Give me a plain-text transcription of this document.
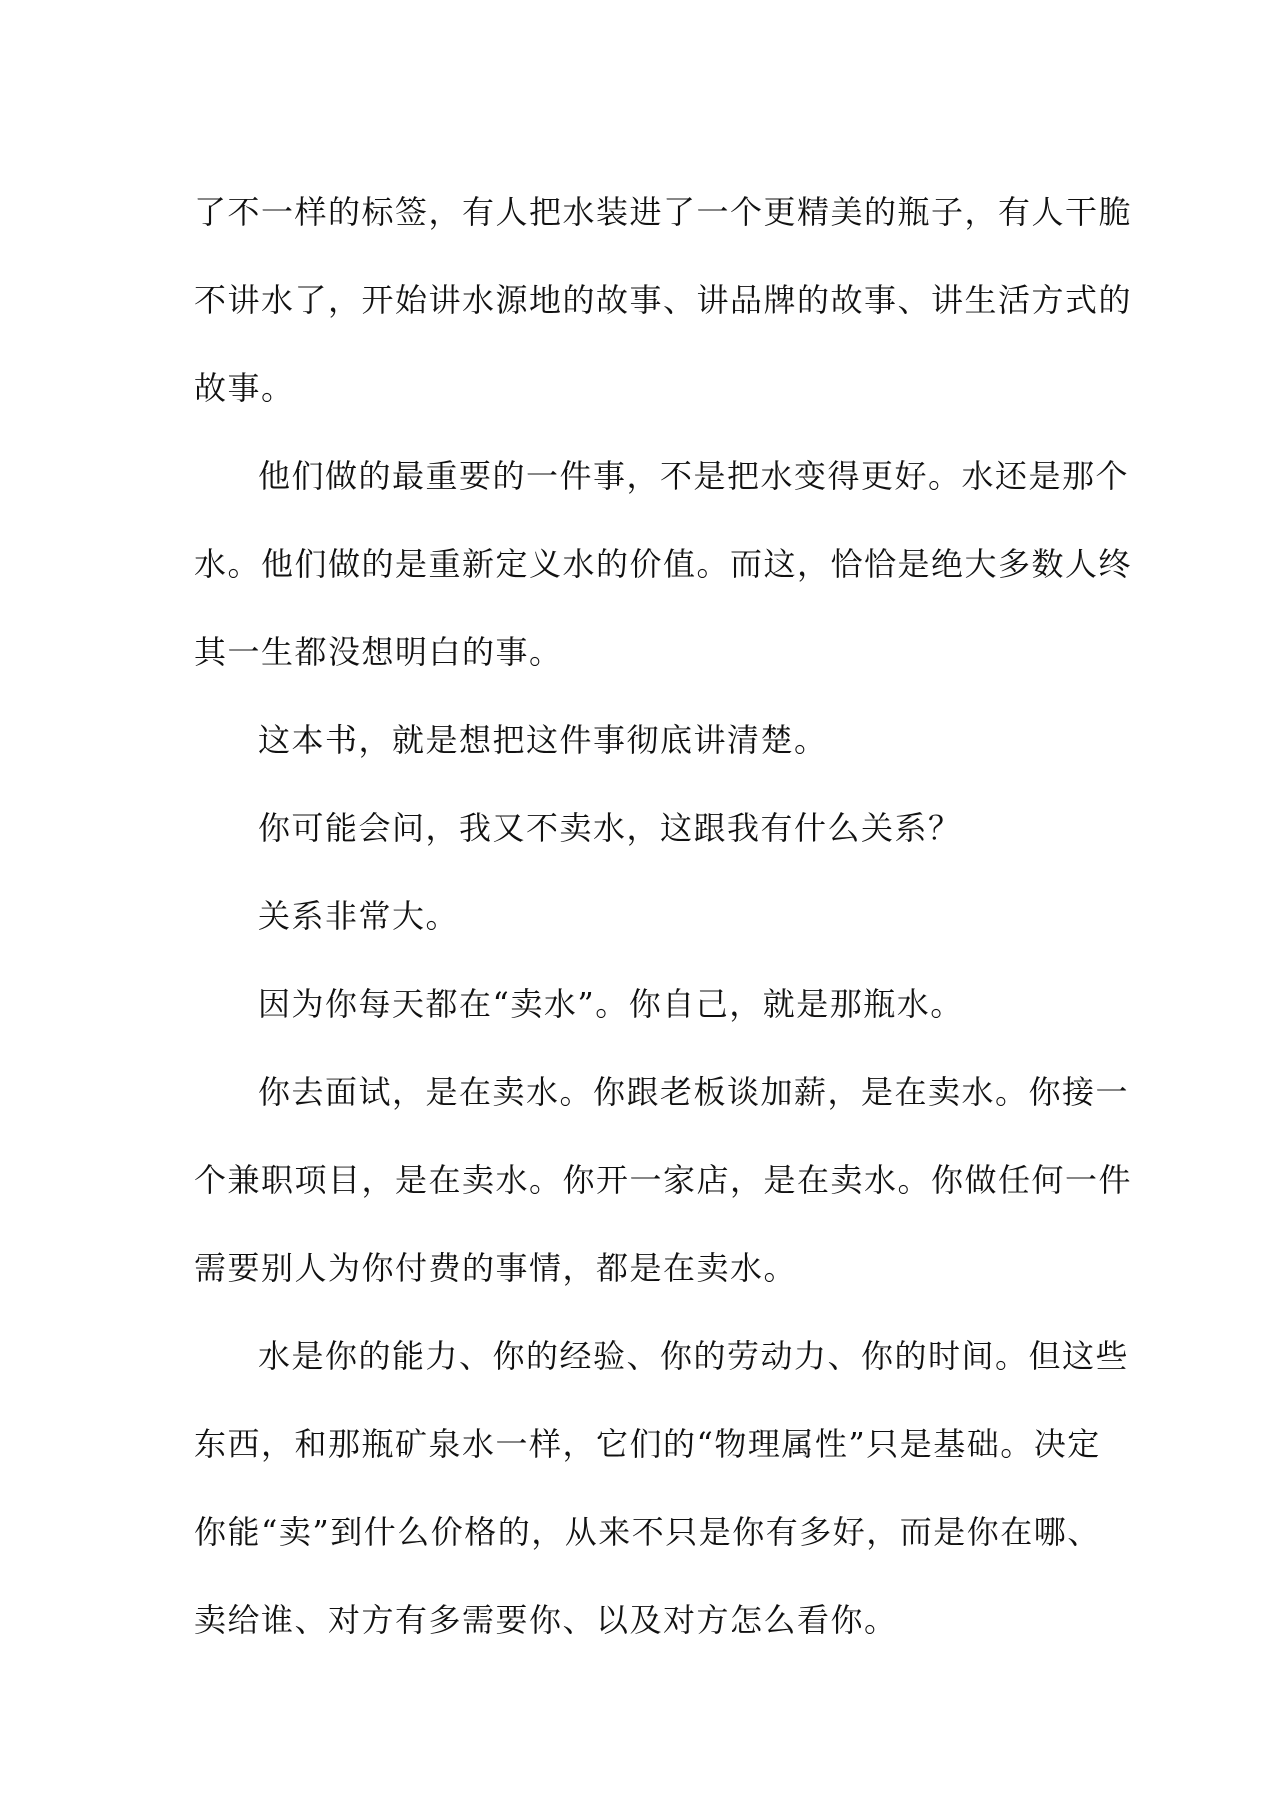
了不一样的标签，有人把水装进了一个更精美的瓶子，有人干脆
不讲水了，开始讲水源地的故事、讲品牌的故事、讲生活方式的
故事。
他们做的最重要的一件事，不是把水变得更好。水还是那个
水。他们做的是重新定义水的价值。而这，恰恰是绝大多数人终
其一生都没想明白的事。
这本书，就是想把这件事彻底讲清楚。
你可能会问，我又不卖水，这跟我有什么关系？
关系非常大。
因为你每天都在“卖水”。你自己，就是那瓶水。
你去面试，是在卖水。你跟老板谈加薪，是在卖水。你接一
个兼职项目，是在卖水。你开一家店，是在卖水。你做任何一件
需要别人为你付费的事情，都是在卖水。
水是你的能力、你的经验、你的劳动力、你的时间。但这些
东西，和那瓶矿泉水一样，它们的“物理属性”只是基础。决定
你能“卖”到什么价格的，从来不只是你有多好，而是你在哪、
卖给谁、对方有多需要你、以及对方怎么看你。
